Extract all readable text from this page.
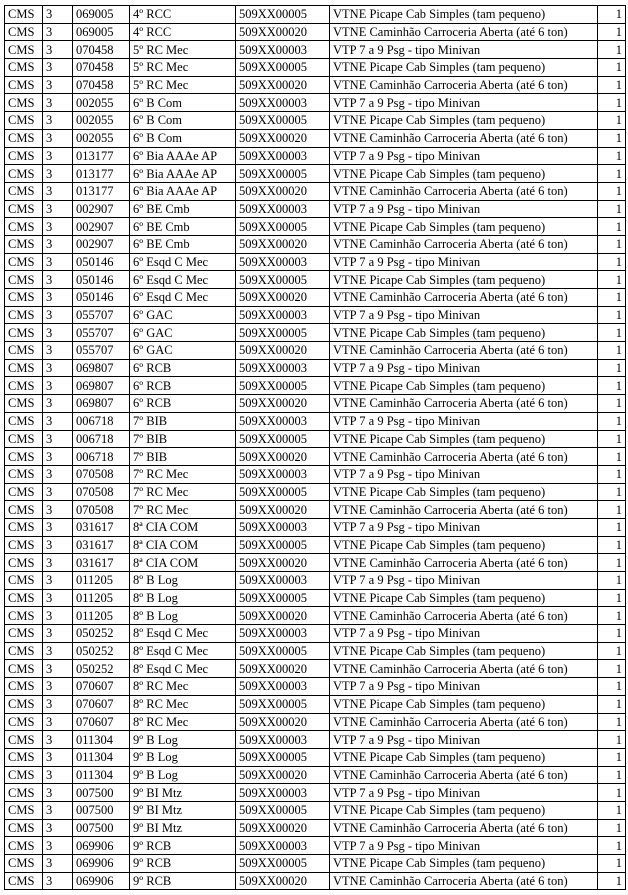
CMS	3	069005	4º RCC	509XX00005	VTNE Picape Cab Simples (tam pequeno)	1
CMS	3	069005	4º RCC	509XX00020	VTNE Caminhão Carroceria Aberta (até 6 ton)	1
CMS	3	070458	5º RC Mec	509XX00003	VTP 7 a 9 Psg - tipo Minivan	1
CMS	3	070458	5º RC Mec	509XX00005	VTNE Picape Cab Simples (tam pequeno)	1
CMS	3	070458	5º RC Mec	509XX00020	VTNE Caminhão Carroceria Aberta (até 6 ton)	1
CMS	3	002055	6º B Com	509XX00003	VTP 7 a 9 Psg - tipo Minivan	1
CMS	3	002055	6º B Com	509XX00005	VTNE Picape Cab Simples (tam pequeno)	1
CMS	3	002055	6º B Com	509XX00020	VTNE Caminhão Carroceria Aberta (até 6 ton)	1
CMS	3	013177	6º Bia AAAe AP	509XX00003	VTP 7 a 9 Psg - tipo Minivan	1
CMS	3	013177	6º Bia AAAe AP	509XX00005	VTNE Picape Cab Simples (tam pequeno)	1
CMS	3	013177	6º Bia AAAe AP	509XX00020	VTNE Caminhão Carroceria Aberta (até 6 ton)	1
CMS	3	002907	6º BE Cmb	509XX00003	VTP 7 a 9 Psg - tipo Minivan	1
CMS	3	002907	6º BE Cmb	509XX00005	VTNE Picape Cab Simples (tam pequeno)	1
CMS	3	002907	6º BE Cmb	509XX00020	VTNE Caminhão Carroceria Aberta (até 6 ton)	1
CMS	3	050146	6º Esqd C Mec	509XX00003	VTP 7 a 9 Psg - tipo Minivan	1
CMS	3	050146	6º Esqd C Mec	509XX00005	VTNE Picape Cab Simples (tam pequeno)	1
CMS	3	050146	6º Esqd C Mec	509XX00020	VTNE Caminhão Carroceria Aberta (até 6 ton)	1
CMS	3	055707	6º GAC	509XX00003	VTP 7 a 9 Psg - tipo Minivan	1
CMS	3	055707	6º GAC	509XX00005	VTNE Picape Cab Simples (tam pequeno)	1
CMS	3	055707	6º GAC	509XX00020	VTNE Caminhão Carroceria Aberta (até 6 ton)	1
CMS	3	069807	6º RCB	509XX00003	VTP 7 a 9 Psg - tipo Minivan	1
CMS	3	069807	6º RCB	509XX00005	VTNE Picape Cab Simples (tam pequeno)	1
CMS	3	069807	6º RCB	509XX00020	VTNE Caminhão Carroceria Aberta (até 6 ton)	1
CMS	3	006718	7º BIB	509XX00003	VTP 7 a 9 Psg - tipo Minivan	1
CMS	3	006718	7º BIB	509XX00005	VTNE Picape Cab Simples (tam pequeno)	1
CMS	3	006718	7º BIB	509XX00020	VTNE Caminhão Carroceria Aberta (até 6 ton)	1
CMS	3	070508	7º RC Mec	509XX00003	VTP 7 a 9 Psg - tipo Minivan	1
CMS	3	070508	7º RC Mec	509XX00005	VTNE Picape Cab Simples (tam pequeno)	1
CMS	3	070508	7º RC Mec	509XX00020	VTNE Caminhão Carroceria Aberta (até 6 ton)	1
CMS	3	031617	8ª CIA COM	509XX00003	VTP 7 a 9 Psg - tipo Minivan	1
CMS	3	031617	8ª CIA COM	509XX00005	VTNE Picape Cab Simples (tam pequeno)	1
CMS	3	031617	8ª CIA COM	509XX00020	VTNE Caminhão Carroceria Aberta (até 6 ton)	1
CMS	3	011205	8º B Log	509XX00003	VTP 7 a 9 Psg - tipo Minivan	1
CMS	3	011205	8º B Log	509XX00005	VTNE Picape Cab Simples (tam pequeno)	1
CMS	3	011205	8º B Log	509XX00020	VTNE Caminhão Carroceria Aberta (até 6 ton)	1
CMS	3	050252	8º Esqd C Mec	509XX00003	VTP 7 a 9 Psg - tipo Minivan	1
CMS	3	050252	8º Esqd C Mec	509XX00005	VTNE Picape Cab Simples (tam pequeno)	1
CMS	3	050252	8º Esqd C Mec	509XX00020	VTNE Caminhão Carroceria Aberta (até 6 ton)	1
CMS	3	070607	8º RC Mec	509XX00003	VTP 7 a 9 Psg - tipo Minivan	1
CMS	3	070607	8º RC Mec	509XX00005	VTNE Picape Cab Simples (tam pequeno)	1
CMS	3	070607	8º RC Mec	509XX00020	VTNE Caminhão Carroceria Aberta (até 6 ton)	1
CMS	3	011304	9º B Log	509XX00003	VTP 7 a 9 Psg - tipo Minivan	1
CMS	3	011304	9º B Log	509XX00005	VTNE Picape Cab Simples (tam pequeno)	1
CMS	3	011304	9º B Log	509XX00020	VTNE Caminhão Carroceria Aberta (até 6 ton)	1
CMS	3	007500	9º BI Mtz	509XX00003	VTP 7 a 9 Psg - tipo Minivan	1
CMS	3	007500	9º BI Mtz	509XX00005	VTNE Picape Cab Simples (tam pequeno)	1
CMS	3	007500	9º BI Mtz	509XX00020	VTNE Caminhão Carroceria Aberta (até 6 ton)	1
CMS	3	069906	9º RCB	509XX00003	VTP 7 a 9 Psg - tipo Minivan	1
CMS	3	069906	9º RCB	509XX00005	VTNE Picape Cab Simples (tam pequeno)	1
CMS	3	069906	9º RCB	509XX00020	VTNE Caminhão Carroceria Aberta (até 6 ton)	1
